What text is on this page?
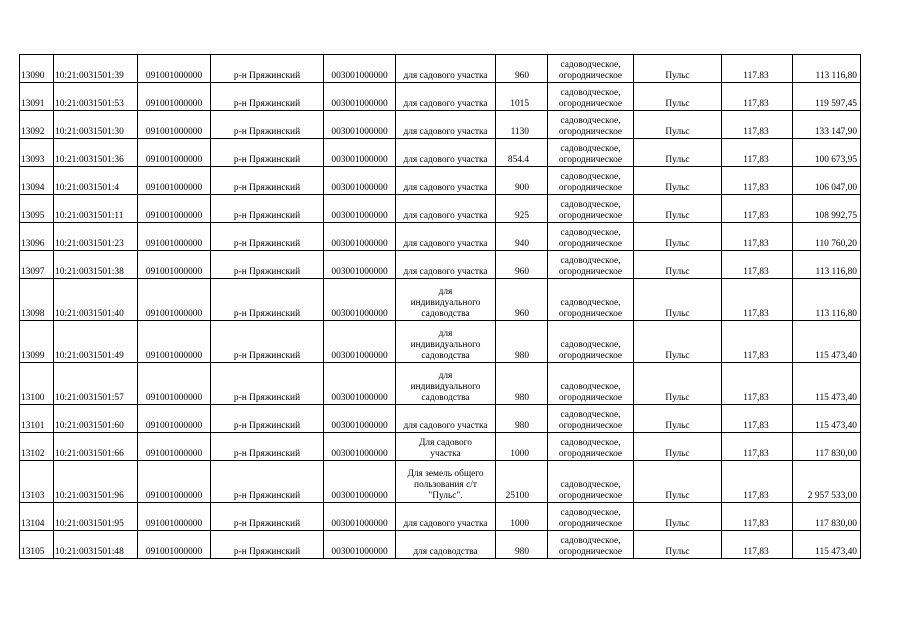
13090	10:21:0031501:39	091001000000	р-н Пряжинский	003001000000	для садового участка	960	садоводческое,
огородническое	Пульс	117.83	113 116,80
13091	10:21:0031501:53	091001000000	р-н Пряжинский	003001000000	для садового участка	1015	садоводческое,
огородническое	Пульс	117,83	119 597,45
13092	10:21:0031501:30	091001000000	р-н Пряжинский	003001000000	для садового участка	1130	садоводческое,
огородническое	Пульс	117,83	133 147,90
13093	10:21:0031501:36	091001000000	р-н Пряжинский	003001000000	для садового участка	854.4	садоводческое,
огородническое	Пульс	117,83	100 673,95
13094	10:21:0031501:4	091001000000	р-н Пряжинский	003001000000	для садового участка	900	садоводческое,
огородническое	Пульс	117,83	106 047,00
13095	10:21:0031501:11	091001000000	р-н Пряжинский	003001000000	для садового участка	925	садоводческое,
огородническое	Пульс	117,83	108 992,75
13096	10:21:0031501:23	091001000000	р-н Пряжинский	003001000000	для садового участка	940	садоводческое,
огородническое	Пульс	117,83	110 760,20
13097	10:21:0031501:38	091001000000	р-н Пряжинский	003001000000	для садового участка	960	садоводческое,
огородническое	Пульс	117,83	113 116,80
13098	10:21:0031501:40	091001000000	р-н Пряжинский	003001000000	для
индивидуального
садоводства	960	садоводческое,
огородническое	Пульс	117,83	113 116,80
13099	10:21:0031501:49	091001000000	р-н Пряжинский	003001000000	для
индивидуального
садоводства	980	садоводческое,
огородническое	Пульс	117,83	115 473,40
13100	10:21:0031501:57	091001000000	р-н Пряжинский	003001000000	для
индивидуального
садоводства	980	садоводческое,
огородническое	Пульс	117,83	115 473,40
13101	10:21:0031501:60	091001000000	р-н Пряжинский	003001000000	для садового участка	980	садоводческое,
огородническое	Пульс	117,83	115 473,40
13102	10:21:0031501:66	091001000000	р-н Пряжинский	003001000000	Для садового
участка	1000	садоводческое,
огородническое	Пульс	117,83	117 830,00
13103	10:21:0031501:96	091001000000	р-н Пряжинский	003001000000	Для земель общего
пользования с/т
"Пульс".	25100	садоводческое,
огородническое	Пульс	117,83	2 957 533,00
13104	10:21:0031501:95	091001000000	р-н Пряжинский	003001000000	для садового участка	1000	садоводческое,
огородническое	Пульс	117,83	117 830,00
13105	10:21:0031501:48	091001000000	р-н Пряжинский	003001000000	для садоводства	980	садоводческое,
огородническое	Пульс	117,83	115 473,40
